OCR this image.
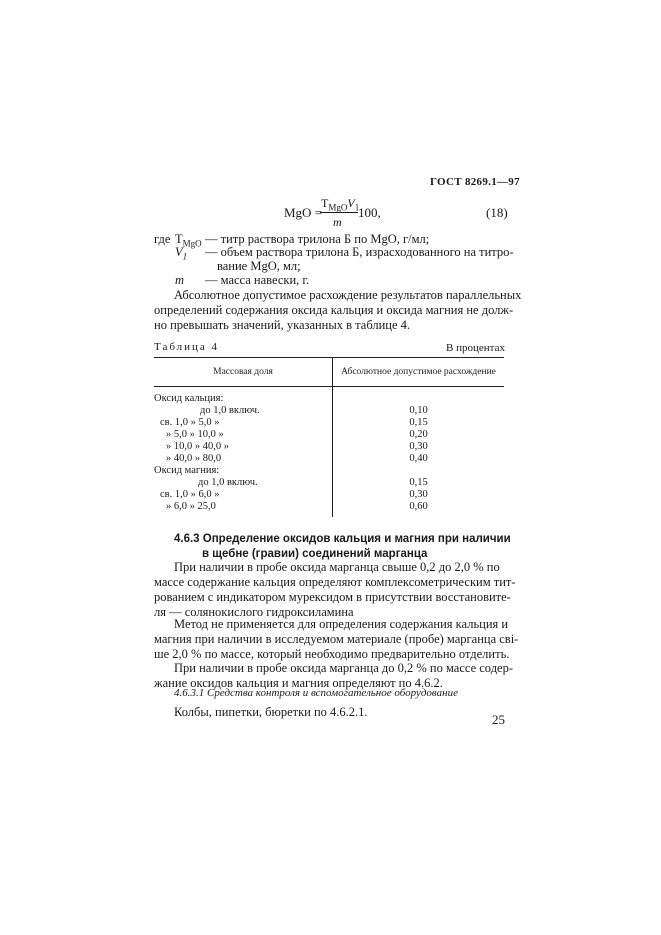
ГОСТ 8269.1—97
MgO =
$T_{MgO}V_1$
m
100,	(18)
где $T_{MgO}$ — титр раствора трилона Б по MgO, г/мл;
$V_1$ — объем раствора трилона Б, израсходованного на титро-
вание MgO, мл;
m — масса навески, г.
Абсолютное допустимое расхождение результатов параллельных
определений содержания оксида кальция и оксида магния не долж-
но превышать значений, указанных в таблице 4.
Таблица 4	В процентах
Массовая доля	Абсолютное допустимое расхождение
Оксид кальция:	
до 1,0 включ.	0,10
св. 1,0 » 5,0 »	0,15
» 5,0 » 10,0 »	0,20
» 10,0 » 40,0 »	0,30
» 40,0 » 80,0	0,40
Оксид магния:	
до 1,0 включ.	0,15
св. 1,0 » 6,0 »	0,30
» 6,0 » 25,0	0,60
4.6.3 Определение оксидов кальция и магния при наличии
в щебне (гравии) соединений марганца
При наличии в пробе оксида марганца свыше 0,2 до 2,0 % по
массе содержание кальция определяют комплексометрическим тит-
рованием с индикатором мурексидом в присутствии восстановите-
ля — солянокислого гидроксиламина
Метод не применяется для определения содержания кальция и
магния при наличии в исследуемом материале (пробе) марганца сві-
ше 2,0 % по массе, который необходимо предварительно отделить.
При наличии в пробе оксида марганца до 0,2 % по массе содер-
жание оксидов кальция и магния определяют по 4.6.2.
4.6.3.1 Средства контроля и вспомогательное оборудование
Колбы, пипетки, бюретки по 4.6.2.1.	25
